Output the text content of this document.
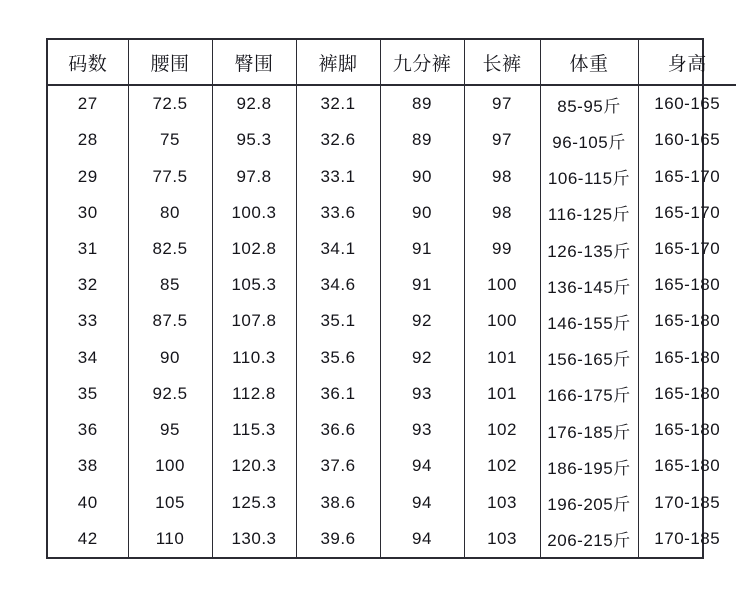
码数	腰围	臀围	裤脚	九分裤	长裤	体重	身高
27	72.5	92.8	32.1	89	97	85-95斤	160-165
28	75	95.3	32.6	89	97	96-105斤	160-165
29	77.5	97.8	33.1	90	98	106-115斤	165-170
30	80	100.3	33.6	90	98	116-125斤	165-170
31	82.5	102.8	34.1	91	99	126-135斤	165-170
32	85	105.3	34.6	91	100	136-145斤	165-180
33	87.5	107.8	35.1	92	100	146-155斤	165-180
34	90	110.3	35.6	92	101	156-165斤	165-180
35	92.5	112.8	36.1	93	101	166-175斤	165-180
36	95	115.3	36.6	93	102	176-185斤	165-180
38	100	120.3	37.6	94	102	186-195斤	165-180
40	105	125.3	38.6	94	103	196-205斤	170-185
42	110	130.3	39.6	94	103	206-215斤	170-185
